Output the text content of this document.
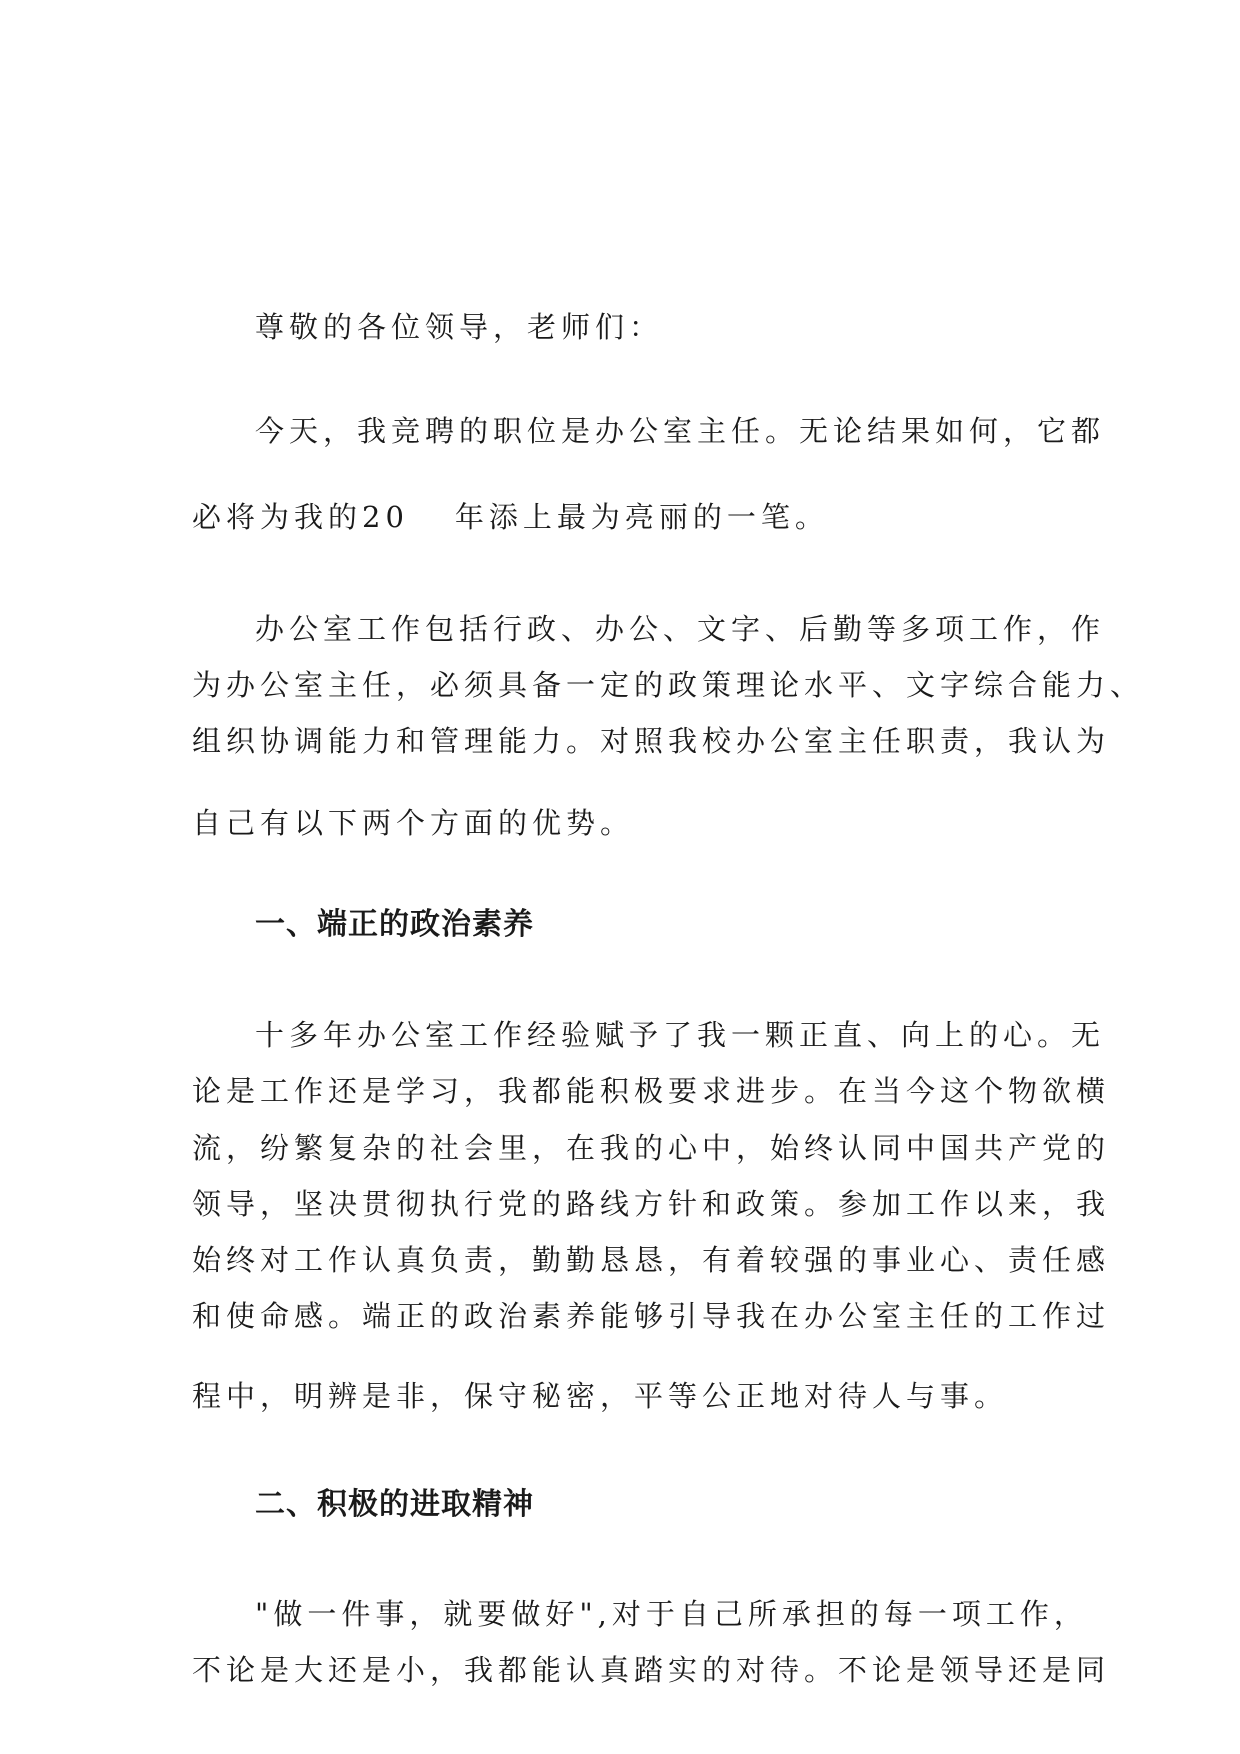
尊敬的各位领导，老师们：
今天，我竞聘的职位是办公室主任。无论结果如何，它都
必将为我的20 年添上最为亮丽的一笔。
办公室工作包括行政、办公、文字、后勤等多项工作，作
为办公室主任，必须具备一定的政策理论水平、文字综合能力、
组织协调能力和管理能力。对照我校办公室主任职责，我认为
自己有以下两个方面的优势。
一、端正的政治素养
十多年办公室工作经验赋予了我一颗正直、向上的心。无
论是工作还是学习，我都能积极要求进步。在当今这个物欲横
流，纷繁复杂的社会里，在我的心中，始终认同中国共产党的
领导，坚决贯彻执行党的路线方针和政策。参加工作以来，我
始终对工作认真负责，勤勤恳恳，有着较强的事业心、责任感
和使命感。端正的政治素养能够引导我在办公室主任的工作过
程中，明辨是非，保守秘密，平等公正地对待人与事。
二、积极的进取精神
"做一件事，就要做好",对于自己所承担的每一项工作，
不论是大还是小，我都能认真踏实的对待。不论是领导还是同
